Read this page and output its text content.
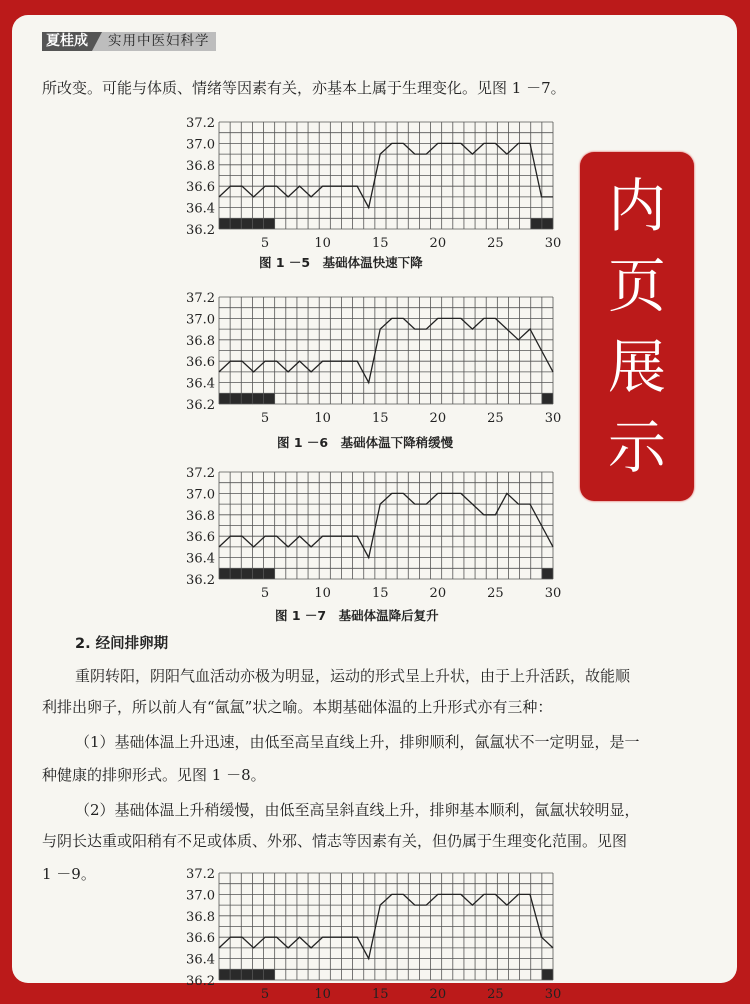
夏桂成	实用中医妇科学
所改变。可能与体质、情绪等因素有关，亦基本上属于生理变化。见图 1 －7。
36.2
36.4
36.6
36.8
37.0
37.2
5	10	15	20	25	30
图 1 －5　基础体温快速下降
36.2
36.4
36.6
36.8
37.0
37.2
5	10	15	20	25	30
图 1 －6　基础体温下降稍缓慢
36.2
36.4
36.6
36.8
37.0
37.2
5	10	15	20	25	30
图 1 －7　基础体温降后复升
2. 经间排卵期
重阴转阳，阴阳气血活动亦极为明显，运动的形式呈上升状，由于上升活跃，故能顺
利排出卵子，所以前人有“氤氲”状之喻。本期基础体温的上升形式亦有三种：
（1）基础体温上升迅速，由低至高呈直线上升，排卵顺利，氤氲状不一定明显，是一
种健康的排卵形式。见图 1 －8。
（2）基础体温上升稍缓慢，由低至高呈斜直线上升，排卵基本顺利，氤氲状较明显，
与阴长达重或阳稍有不足或体质、外邪、情志等因素有关，但仍属于生理变化范围。见图
1 －9。
36.2
36.4
36.6
36.8
37.0
37.2
5	10	15	20	25	30
内
页
展
示
